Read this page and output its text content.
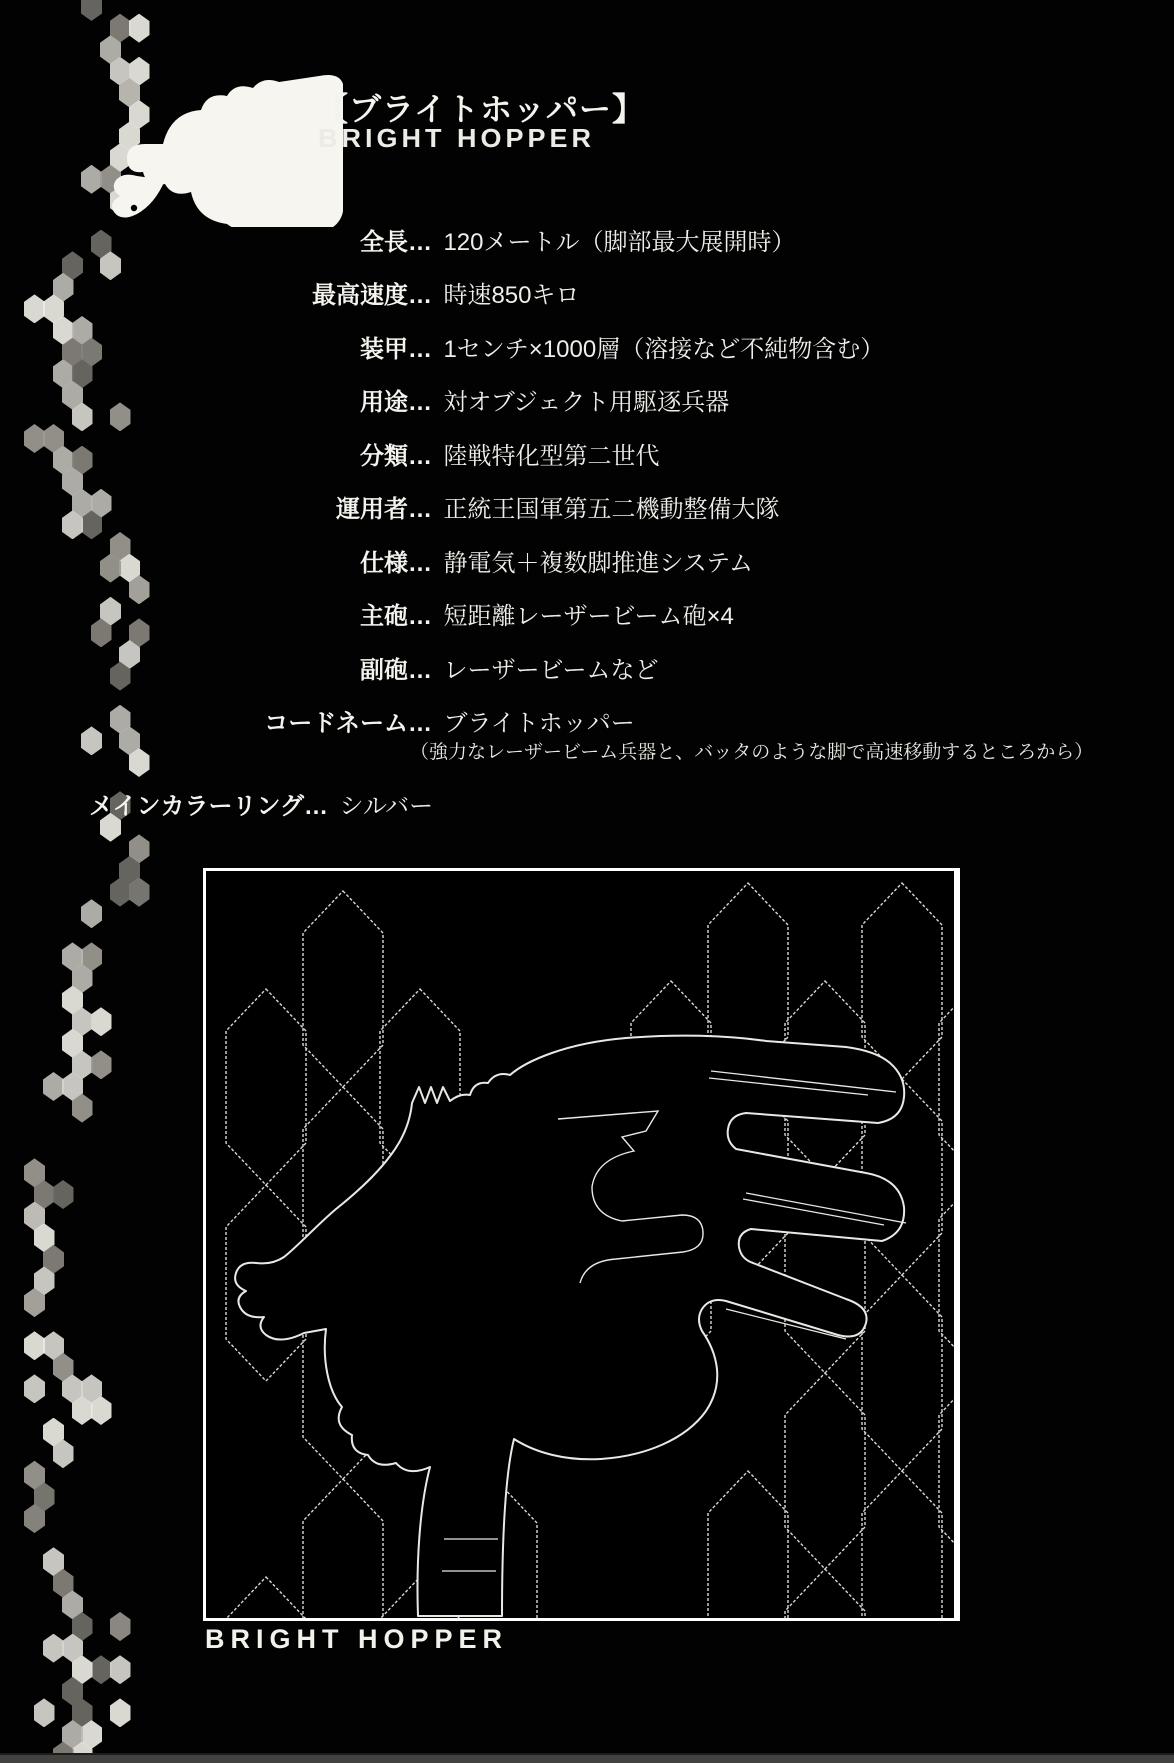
【ブライトホッパー】
BRIGHT HOPPER
全長… 120メートル（脚部最大展開時）
最高速度… 時速850キロ
装甲… 1センチ×1000層（溶接など不純物含む）
用途… 対オブジェクト用駆逐兵器
分類… 陸戦特化型第二世代
運用者… 正統王国軍第五二機動整備大隊
仕様… 静電気＋複数脚推進システム
主砲… 短距離レーザービーム砲×4
副砲… レーザービームなど
コードネーム… ブライトホッパー
（強力なレーザービーム兵器と、バッタのような脚で高速移動するところから）
メインカラーリング… シルバー
BRIGHT HOPPER
